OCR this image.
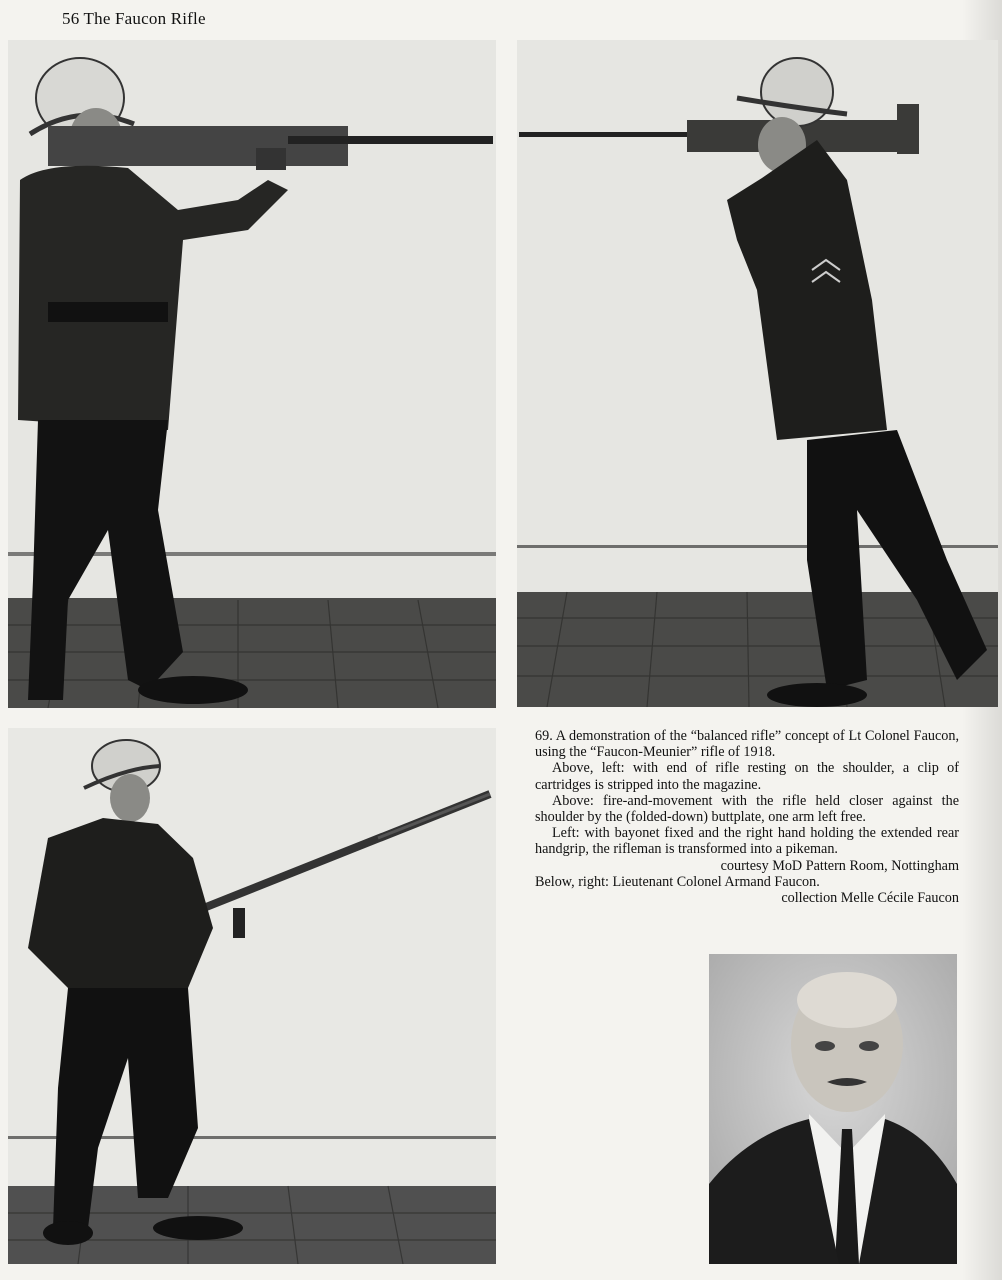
56 The Faucon Rifle

69. A demonstration of the “balanced rifle” concept of Lt Colonel Faucon, using the “Faucon-Meunier” rifle of 1918.

Above, left: with end of rifle resting on the shoulder, a clip of cartridges is stripped into the magazine.

Above: fire-and-movement with the rifle held closer against the shoulder by the (folded-down) buttplate, one arm left free.

Left: with bayonet fixed and the right hand holding the extended rear handgrip, the rifleman is transformed into a pikeman.
courtesy MoD Pattern Room, Nottingham

Below, right: Lieutenant Colonel Armand Faucon.

collection Melle Cécile Faucon
